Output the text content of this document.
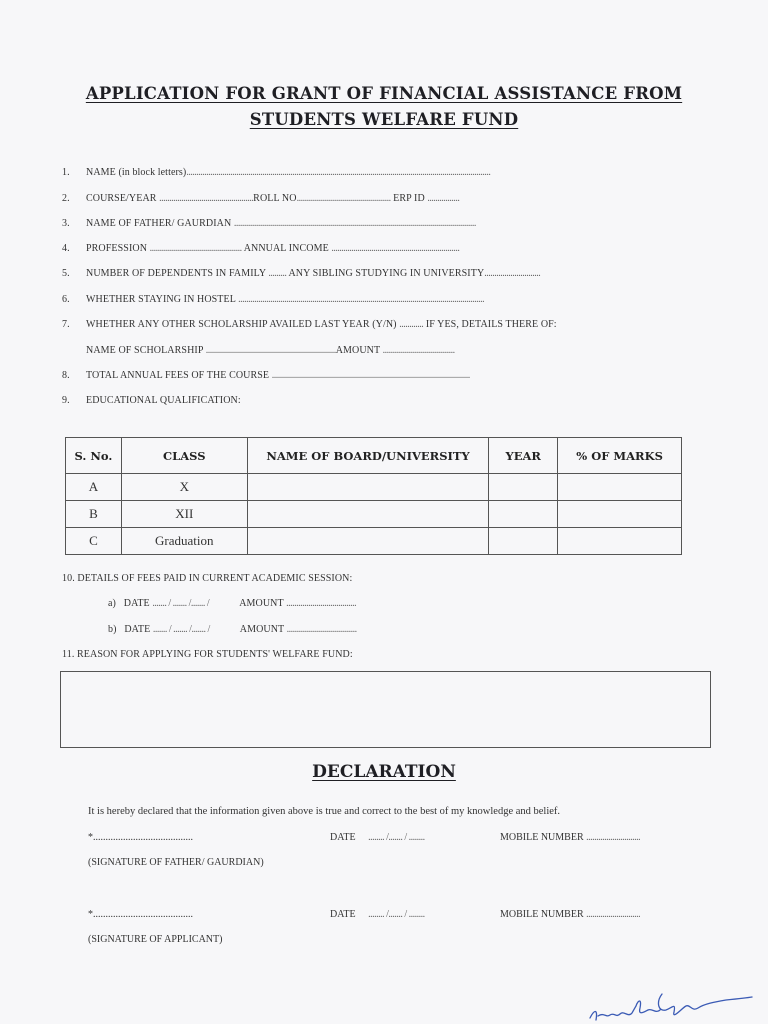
APPLICATION FOR GRANT OF FINANCIAL ASSISTANCE FROM
STUDENTS WELFARE FUND
1. NAME (in block letters)........................................................................................................................................................
2. COURSE/YEAR ...............................................ROLL NO............................................... ERP ID ................
3. NAME OF FATHER/ GAURDIAN .........................................................................................................................
4. PROFESSION .............................................. ANNUAL INCOME ................................................................
5. NUMBER OF DEPENDENTS IN FAMILY ......... ANY SIBLING STUDYING IN UNIVERSITY............................
6. WHETHER STAYING IN HOSTEL ...........................................................................................................................
7. WHETHER ANY OTHER SCHOLARSHIP AVAILED LAST YEAR (Y/N) ............ IF YES, DETAILS THERE OF:
NAME OF SCHOLARSHIP .................................................................AMOUNT ....................................
8. TOTAL ANNUAL FEES OF THE COURSE ...................................................................................................
9. EDUCATIONAL QUALIFICATION:
S. No.	CLASS	NAME OF BOARD/UNIVERSITY	YEAR	% OF MARKS
A	X			
B	XII			
C	Graduation			
10. DETAILS OF FEES PAID IN CURRENT ACADEMIC SESSION:
a) DATE ....... / ....... /....... /	AMOUNT ...................................
b) DATE ....... / ....... /....... /	AMOUNT ...................................
11. REASON FOR APPLYING FOR STUDENTS' WELFARE FUND:
DECLARATION
It is hereby declared that the information given above is true and correct to the best of my knowledge and belief.
*........................................	DATE ........ /....... / ........	MOBILE NUMBER ...........................
(SIGNATURE OF FATHER/ GAURDIAN)
*........................................	DATE ........ /....... / ........	MOBILE NUMBER ...........................
(SIGNATURE OF APPLICANT)
